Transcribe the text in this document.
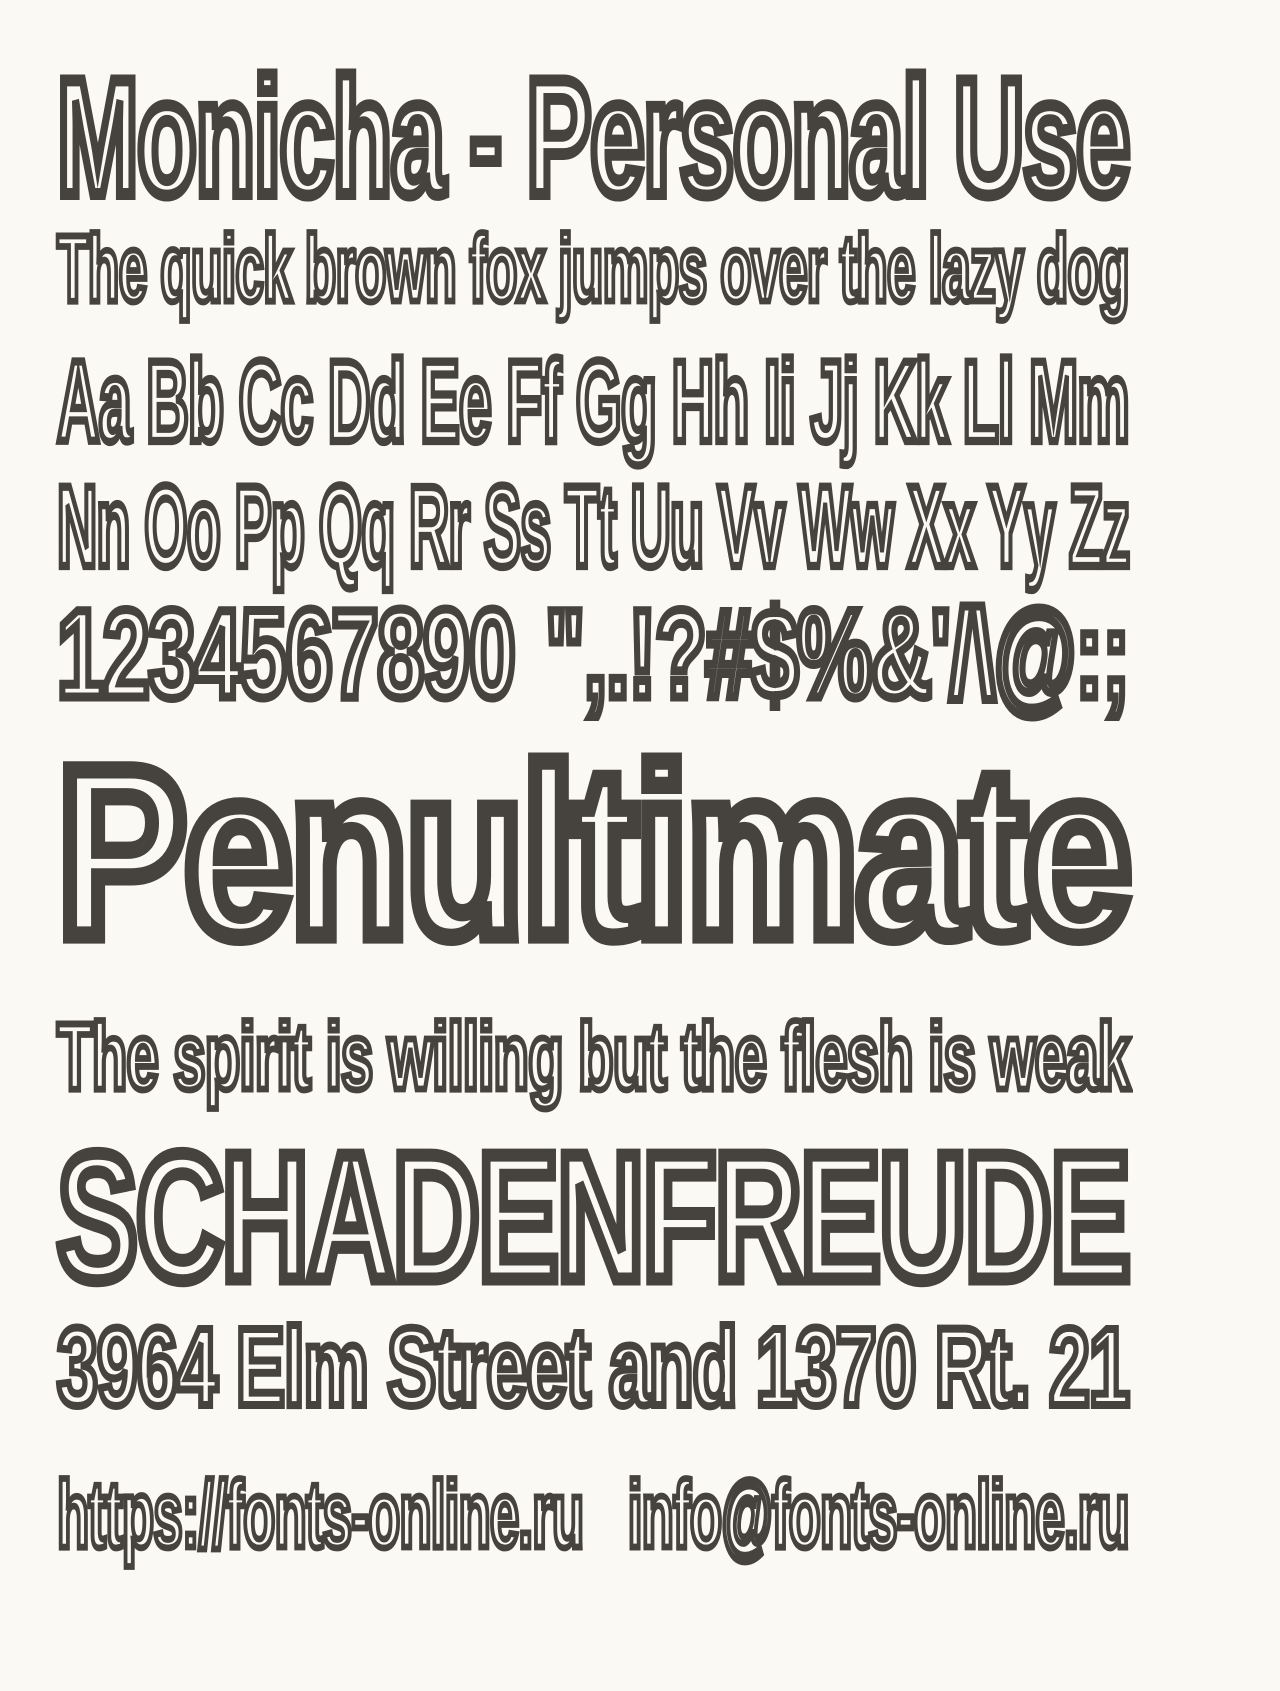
Monicha - Personal Use
The quick brown fox jumps over the lazy dog
Aa Bb Cc Dd Ee Ff Gg Hh Ii Jj Kk Ll Mm
Nn Oo Pp Qq Rr Ss Tt Uu Vv Ww Xx Yy Zz
1234567890 ",.!?#$%&'/\@:;
Penultimate
The spirit is willing but the flesh is weak
SCHADENFREUDE
3964 Elm Street and 1370 Rt. 21
https://fonts-online.ru info@fonts-online.ru
